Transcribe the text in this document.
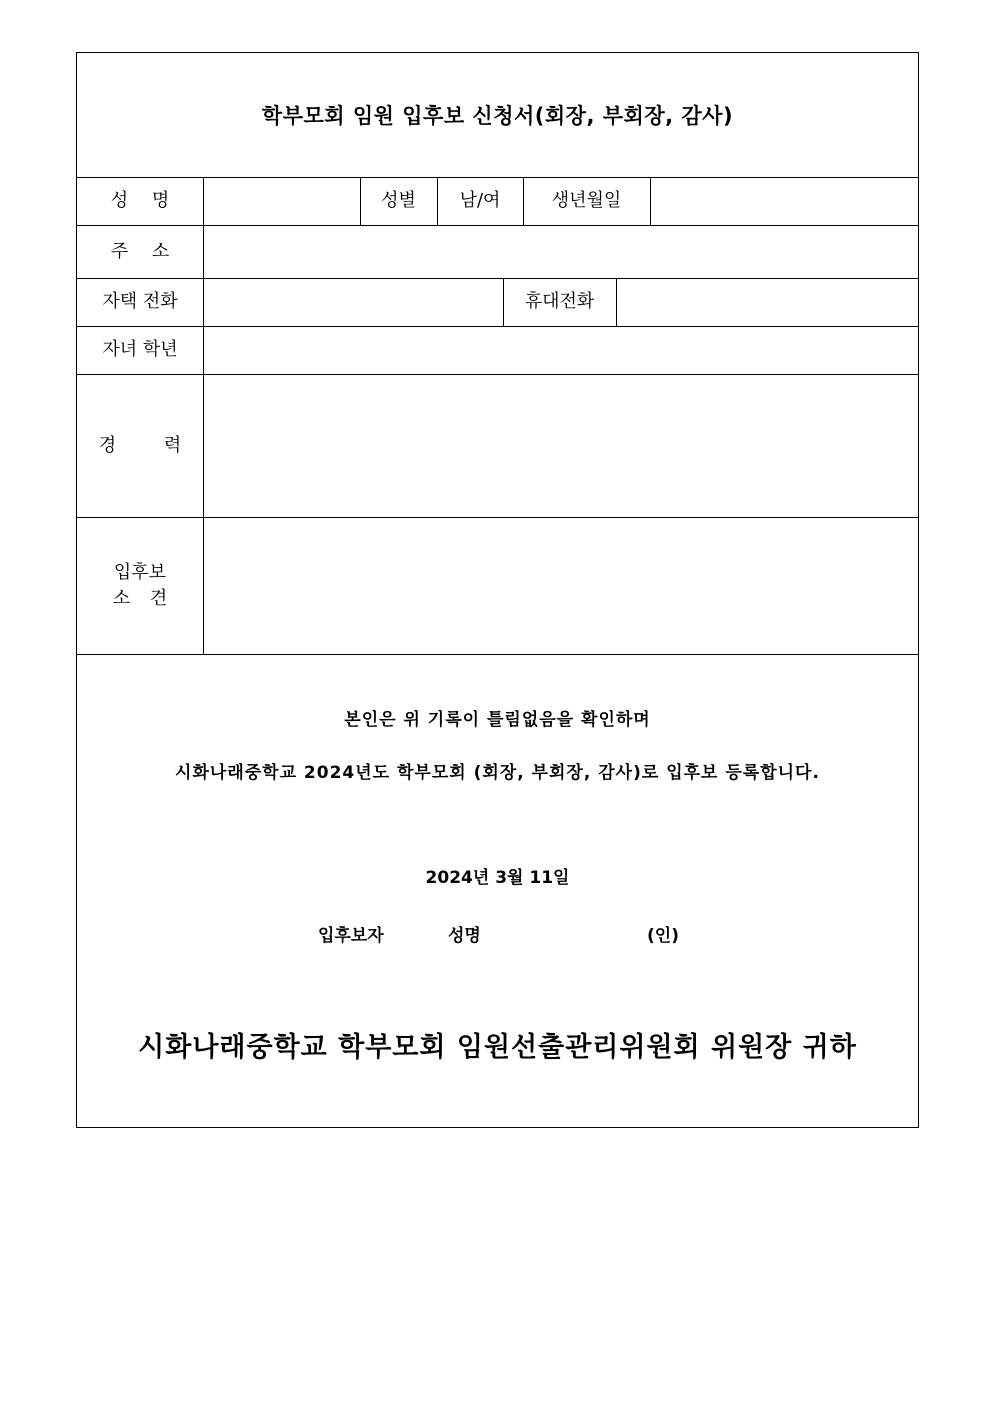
학부모회 임원 입후보 신청서(회장, 부회장, 감사)
성 명	성별	남/여	생년월일
주 소
자택 전화	휴대전화
자녀 학년
경 력
입후보
소 견
본인은 위 기록이 틀림없음을 확인하며
시화나래중학교 2024년도 학부모회 (회장, 부회장, 감사)로 입후보 등록합니다.
2024년 3월 11일
입후보자	성명	(인)
시화나래중학교 학부모회 임원선출관리위원회 위원장 귀하
